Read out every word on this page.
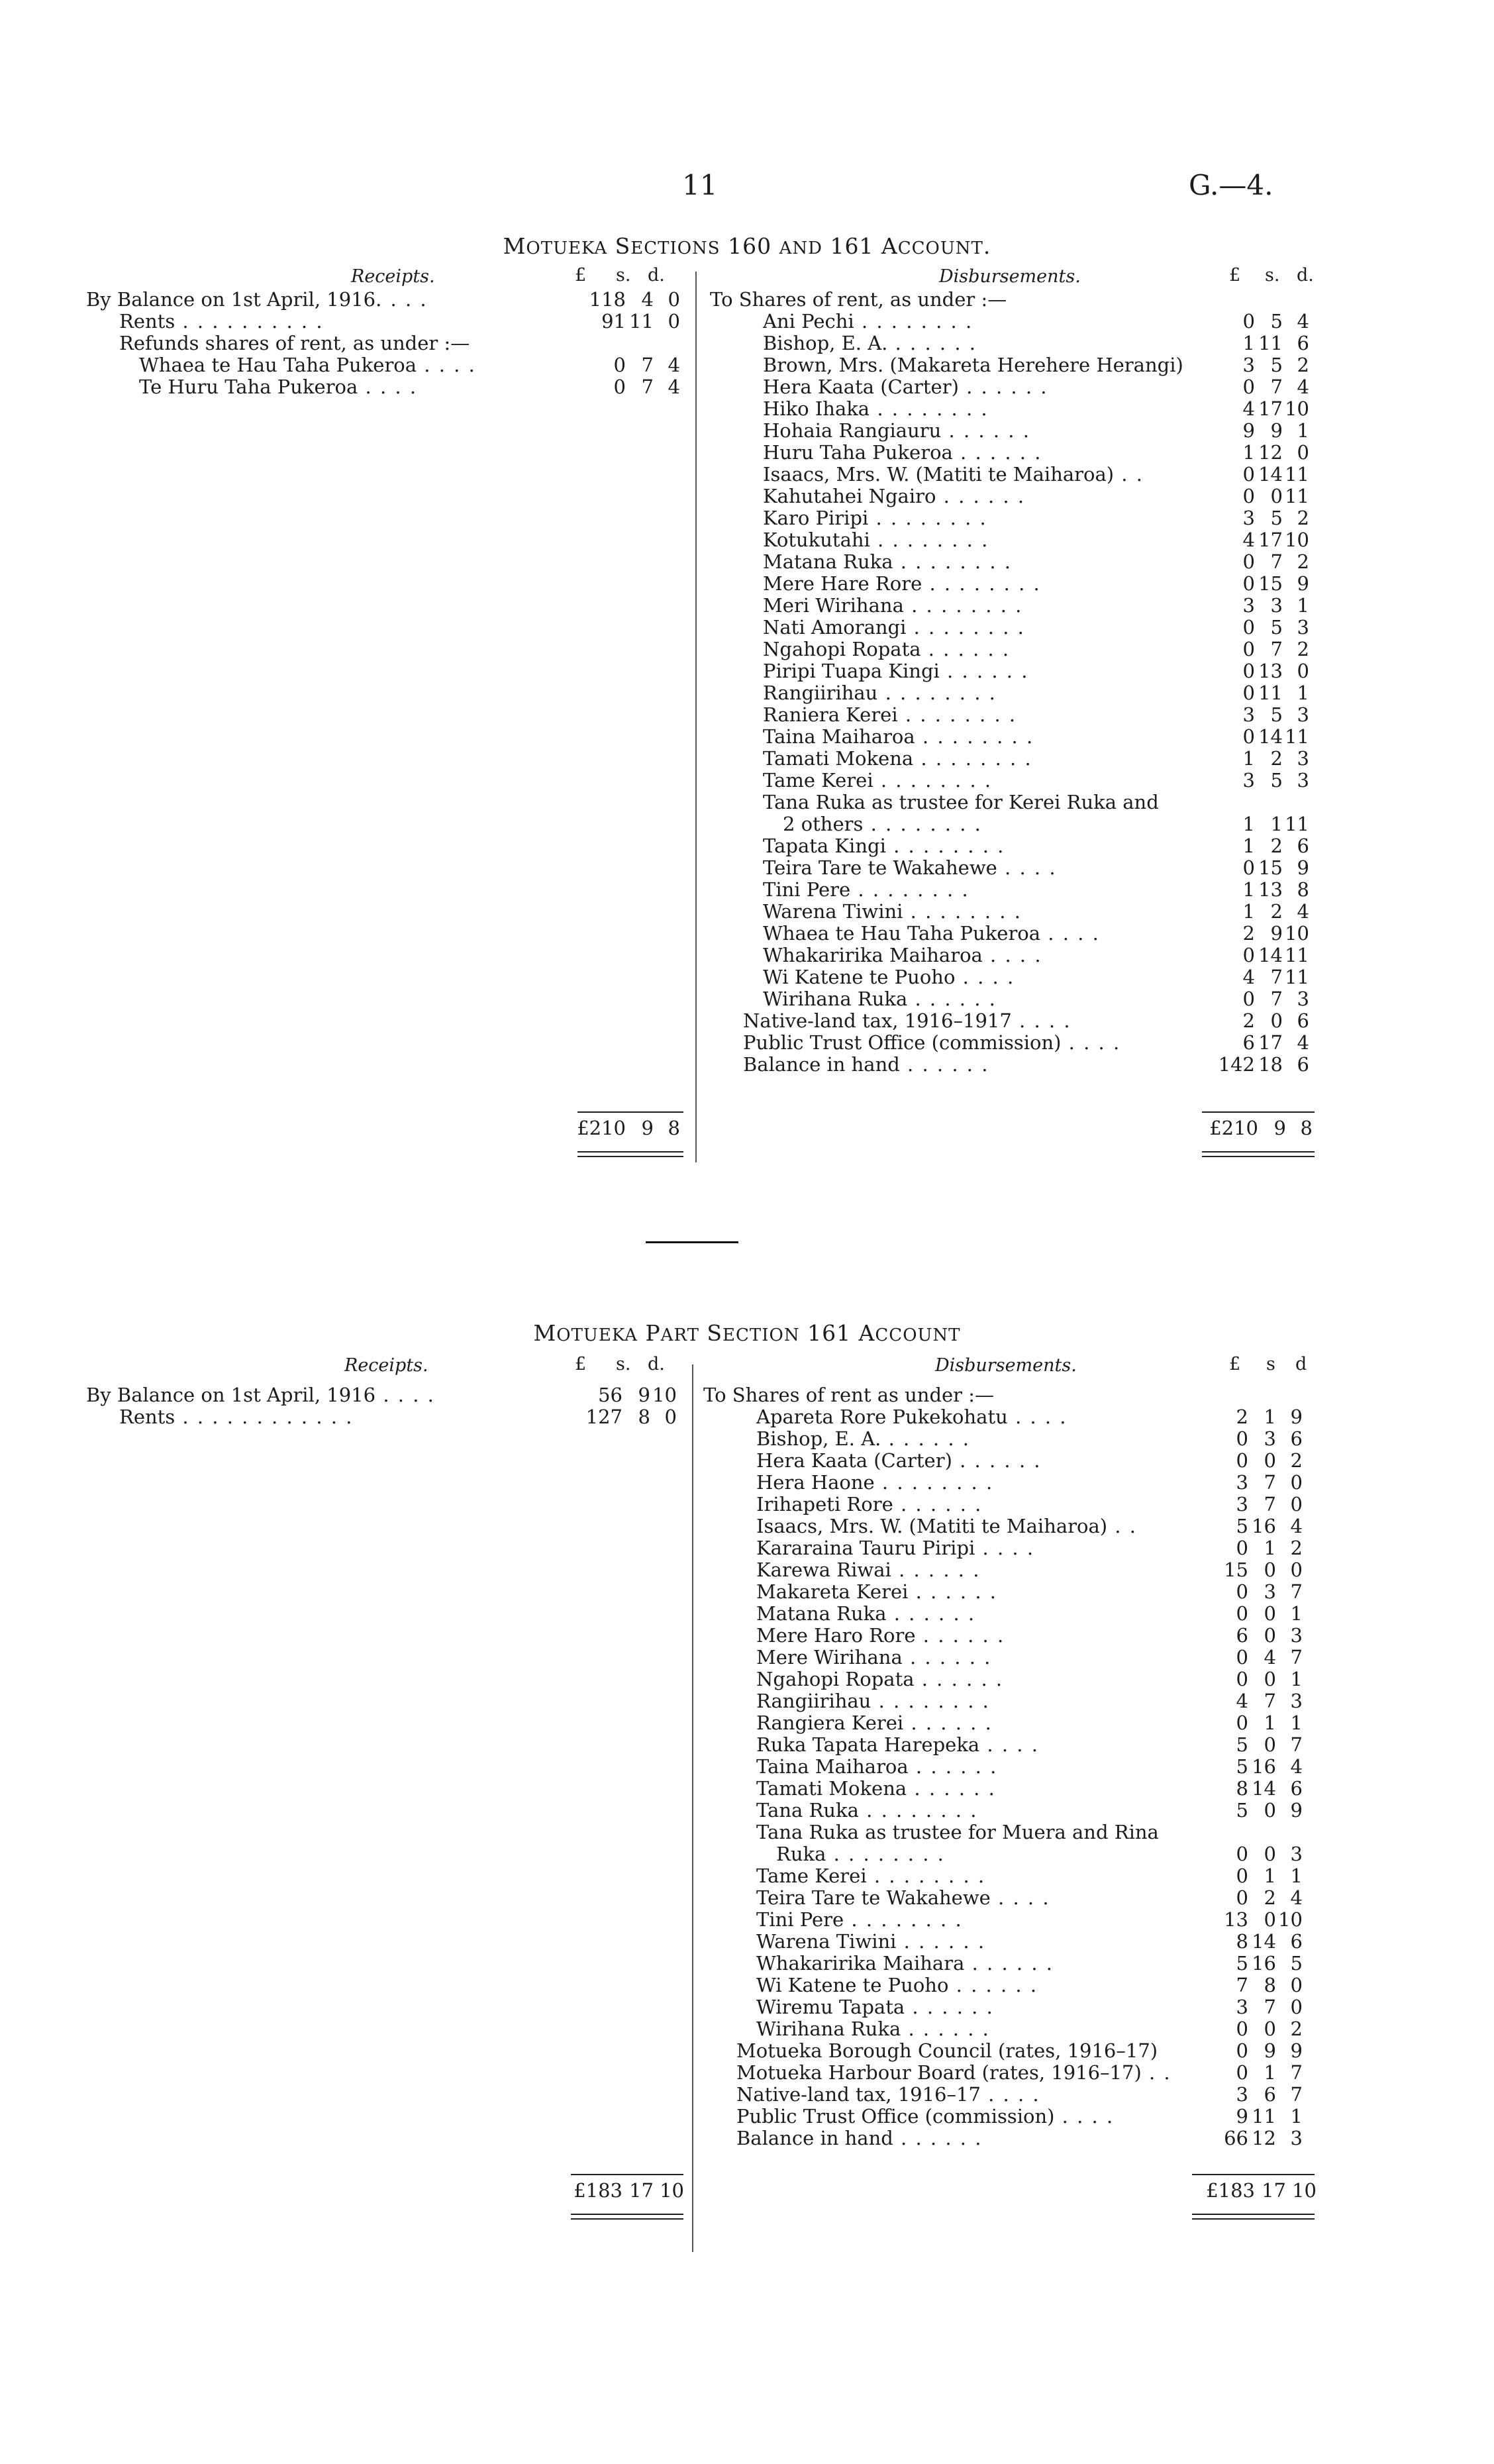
11	G.—4.
MOTUEKA SECTIONS 160 AND 161 ACCOUNT.
Receipts.	Disbursements.
£ s. d.	£ s. d.
By Balance on 1st April, 1916. . . .	118 4 0
Rents . . . . . . . . . .	91 11 0
Refunds shares of rent, as under :—
Whaea te Hau Taha Pukeroa . . . .	0 7 4
Te Huru Taha Pukeroa . . . .	0 7 4
To Shares of rent, as under :—
Ani Pechi . . . . . . . .	0 5 4
Bishop, E. A. . . . . . .	1 11 6
Brown, Mrs. (Makareta Herehere Herangi)	3 5 2
Hera Kaata (Carter) . . . . . .	0 7 4
Hiko Ihaka . . . . . . . .	4 17 10
Hohaia Rangiauru . . . . . .	9 9 1
Huru Taha Pukeroa . . . . . .	1 12 0
Isaacs, Mrs. W. (Matiti te Maiharoa) . .	0 14 11
Kahutahei Ngairo . . . . . .	0 0 11
Karo Piripi . . . . . . . .	3 5 2
Kotukutahi . . . . . . . .	4 17 10
Matana Ruka . . . . . . . .	0 7 2
Mere Hare Rore . . . . . . . .	0 15 9
Meri Wirihana . . . . . . . .	3 3 1
Nati Amorangi . . . . . . . .	0 5 3
Ngahopi Ropata . . . . . .	0 7 2
Piripi Tuapa Kingi . . . . . .	0 13 0
Rangiirihau . . . . . . . .	0 11 1
Raniera Kerei . . . . . . . .	3 5 3
Taina Maiharoa . . . . . . . .	0 14 11
Tamati Mokena . . . . . . . .	1 2 3
Tame Kerei . . . . . . . .	3 5 3
Tana Ruka as trustee for Kerei Ruka and
2 others . . . . . . . .	1 1 11
Tapata Kingi . . . . . . . .	1 2 6
Teira Tare te Wakahewe . . . .	0 15 9
Tini Pere . . . . . . . .	1 13 8
Warena Tiwini . . . . . . . .	1 2 4
Whaea te Hau Taha Pukeroa . . . .	2 9 10
Whakaririka Maiharoa . . . .	0 14 11
Wi Katene te Puoho . . . .	4 7 11
Wirihana Ruka . . . . . .	0 7 3
Native-land tax, 1916–1917 . . . .	2 0 6
Public Trust Office (commission) . . . .	6 17 4
Balance in hand . . . . . .	142 18 6
£210 9 8	£210 9 8
MOTUEKA PART SECTION 161 ACCOUNT
Receipts.	Disbursements.
£ s. d.	£ s d
By Balance on 1st April, 1916 . . . .	56 9 10
Rents . . . . . . . . . . . .	127 8 0
To Shares of rent as under :—
Apareta Rore Pukekohatu . . . .	2 1 9
Bishop, E. A. . . . . . .	0 3 6
Hera Kaata (Carter) . . . . . .	0 0 2
Hera Haone . . . . . . . .	3 7 0
Irihapeti Rore . . . . . .	3 7 0
Isaacs, Mrs. W. (Matiti te Maiharoa) . .	5 16 4
Kararaina Tauru Piripi . . . .	0 1 2
Karewa Riwai . . . . . .	15 0 0
Makareta Kerei . . . . . .	0 3 7
Matana Ruka . . . . . .	0 0 1
Mere Haro Rore . . . . . .	6 0 3
Mere Wirihana . . . . . .	0 4 7
Ngahopi Ropata . . . . . .	0 0 1
Rangiirihau . . . . . . . .	4 7 3
Rangiera Kerei . . . . . .	0 1 1
Ruka Tapata Harepeka . . . .	5 0 7
Taina Maiharoa . . . . . .	5 16 4
Tamati Mokena . . . . . .	8 14 6
Tana Ruka . . . . . . . .	5 0 9
Tana Ruka as trustee for Muera and Rina
Ruka . . . . . . . .	0 0 3
Tame Kerei . . . . . . . .	0 1 1
Teira Tare te Wakahewe . . . .	0 2 4
Tini Pere . . . . . . . .	13 0 10
Warena Tiwini . . . . . .	8 14 6
Whakaririka Maihara . . . . . .	5 16 5
Wi Katene te Puoho . . . . . .	7 8 0
Wiremu Tapata . . . . . .	3 7 0
Wirihana Ruka . . . . . .	0 0 2
Motueka Borough Council (rates, 1916–17)	0 9 9
Motueka Harbour Board (rates, 1916–17) . .	0 1 7
Native-land tax, 1916–17 . . . .	3 6 7
Public Trust Office (commission) . . . .	9 11 1
Balance in hand . . . . . .	66 12 3
£183 17 10	£183 17 10
